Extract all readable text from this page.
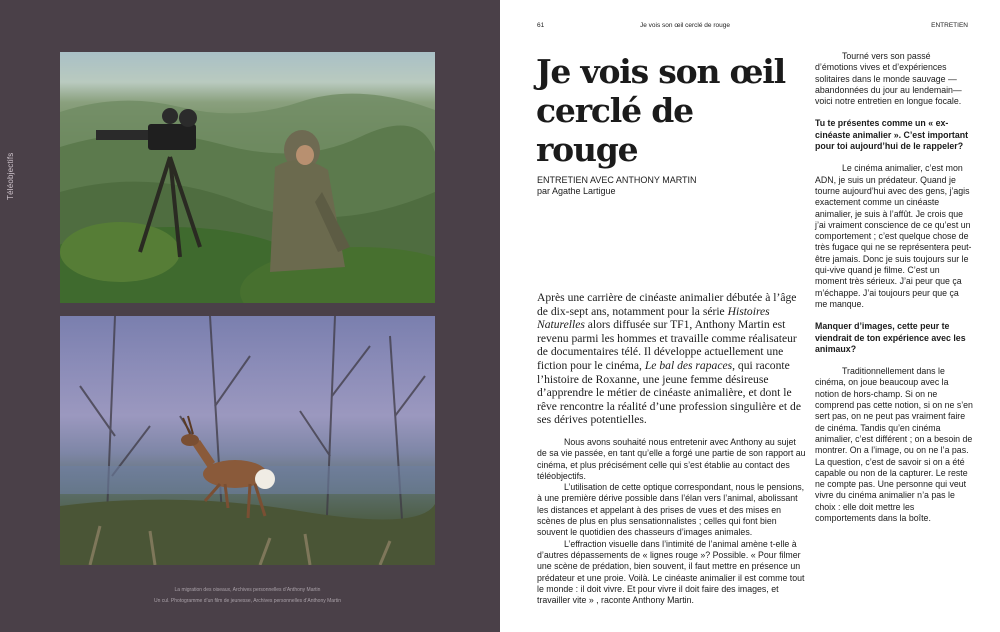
Téléobjectifs
La migration des oiseaux, Archives personnelles d’Anthony Martin
Un cul. Photogramme d’un film de jeunesse, Archives personnelles d’Anthony Martin
61	Je vois son œil cerclé de rouge	ENTRETIEN
Je vois son œil cerclé de rouge
ENTRETIEN AVEC ANTHONY MARTIN
par Agathe Lartigue

Après une carrière de cinéaste animalier débutée à l’âge de dix-sept ans, notamment pour la série Histoires Naturelles alors diffusée sur TF1, Anthony Martin est revenu parmi les hommes et travaille comme réalisateur de documentaires télé. Il développe actuellement une fiction pour le cinéma, Le bal des rapaces, qui raconte l’histoire de Roxanne, une jeune femme désireuse d’apprendre le métier de cinéaste animalière, et dont le rêve rencontre la réalité d’une profession singulière et de ses dérives potentielles.

Nous avons souhaité nous entretenir avec Anthony au sujet de sa vie passée, en tant qu’elle a forgé une partie de son rapport au cinéma, et plus précisément celle qui s’est établie au contact des téléobjectifs.

L’utilisation de cette optique correspondant, nous le pensions, à une première dérive possible dans l’élan vers l’animal, abolissant les distances et appelant à des prises de vues et des mises en scènes de plus en plus sensationnalistes ; celles qui font bien souvent le quotidien des chasseurs d’images animales.

L’effraction visuelle dans l’intimité de l’animal amène t-elle à d’autres dépassements de « lignes rouge »? Possible. « Pour filmer une scène de prédation, bien souvent, il faut mettre en présence un prédateur et une proie. Voilà. Le cinéaste animalier il est comme tout le monde : il doit vivre. Et pour vivre il doit faire des images, et travailler vite » , raconte Anthony Martin.

Tourné vers son passé d’émotions vives et d’expériences solitaires dans le monde sauvage —abandonnées du jour au lendemain— voici notre entretien en longue focale.

Tu te présentes comme un « ex-cinéaste animalier ». C’est important pour toi aujourd’hui de le rappeler?

Le cinéma animalier, c’est mon ADN, je suis un prédateur. Quand je tourne aujourd’hui avec des gens, j’agis exactement comme un cinéaste animalier, je suis à l’affût. Je crois que j’ai vraiment conscience de ce qu’est un comportement ; c’est quelque chose de très fugace qui ne se représentera peut-être jamais. Donc je suis toujours sur le qui-vive quand je filme. C’est un moment très sérieux. J’ai peur que ça m’échappe. J’ai toujours peur que ça me manque.

Manquer d’images, cette peur te viendrait de ton expérience avec les animaux?

Traditionnellement dans le cinéma, on joue beaucoup avec la notion de hors-champ. Si on ne comprend pas cette notion, si on ne s’en sert pas, on ne peut pas vraiment faire de cinéma. Tandis qu’en cinéma animalier, c’est différent ; on a besoin de montrer. On a l’image, ou on ne l’a pas. La question, c’est de savoir si on a été capable ou non de la capturer. Le reste ne compte pas. Une personne qui veut vivre du cinéma animalier n’a pas le choix : elle doit mettre les comportements dans la boîte.
